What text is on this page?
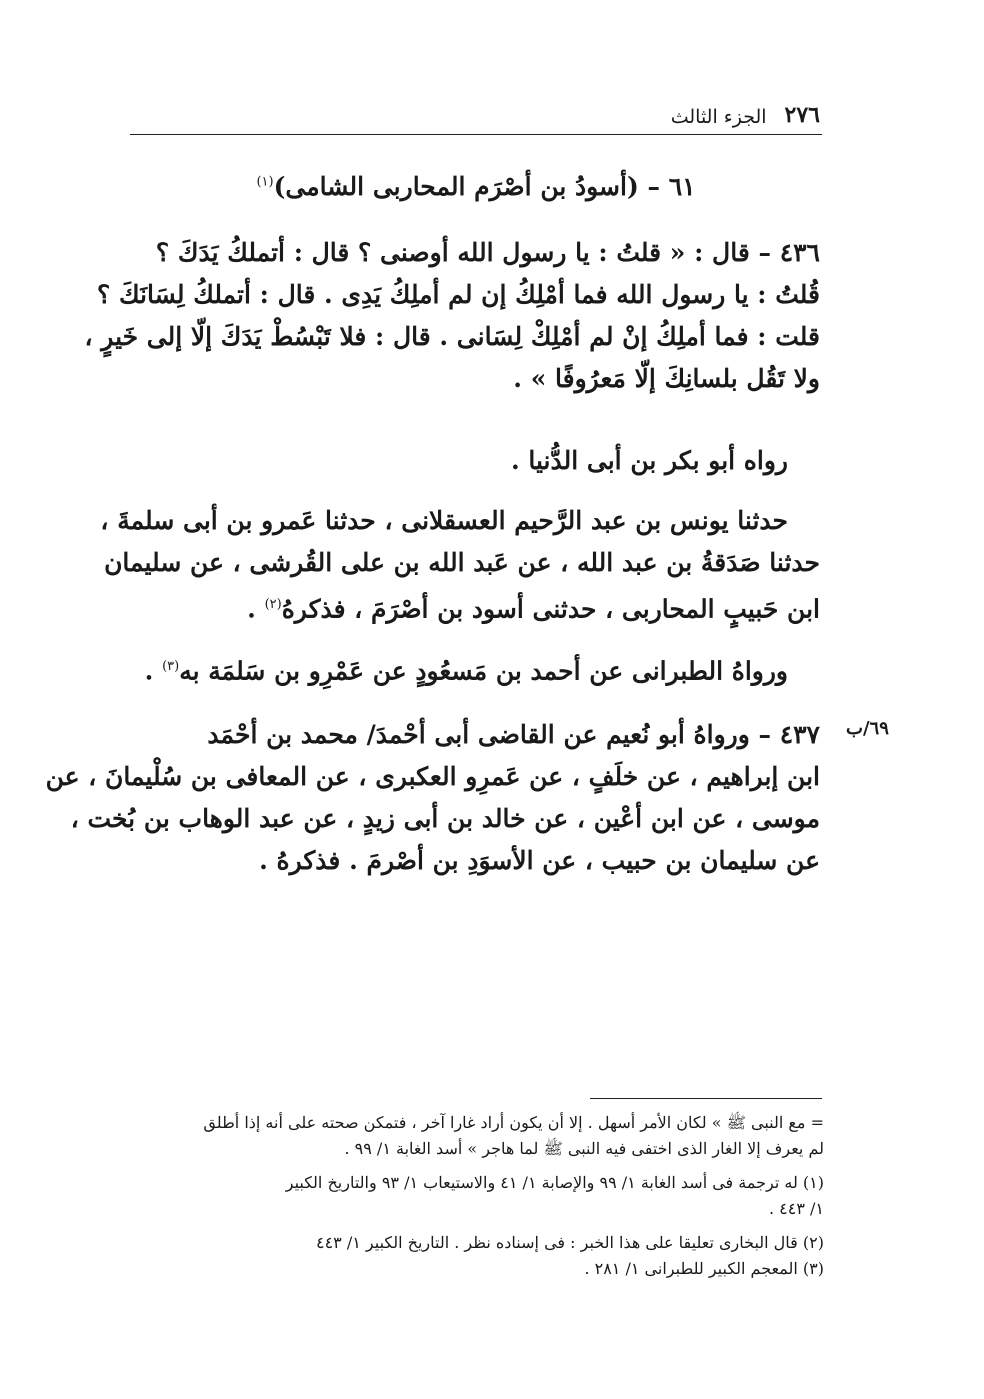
٢٧٦
الجزء الثالث
٦١ – (أسودُ بن أصْرَم المحاربى الشامى)$^{(١)}$
٤٣٦ – قال : « قلتُ : يا رسول الله أوصنى ؟ قال : أتملكُ يَدَكَ ؟
قُلتُ : يا رسول الله فما أمْلِكُ إن لم أملِكُ يَدِى . قال : أتملكُ لِسَانَكَ ؟
قلت : فما أملِكُ إنْ لم أمْلِكْ لِسَانى . قال : فلا تَبْسُطْ يَدَكَ إلّا إلى خَيرٍ ،
ولا تَقُل بلسانِكَ إلّا مَعرُوفًا » .
رواه أبو بكر بن أبى الدُّنيا .
حدثنا يونس بن عبد الرَّحيم العسقلانى ، حدثنا عَمرو بن أبى سلمةَ ،
حدثنا صَدَقةُ بن عبد الله ، عن عَبد الله بن على القُرشى ، عن سليمان
ابن حَبيبٍ المحاربى ، حدثنى أسود بن أصْرَمَ ، فذكرهُ$^{(٢)}$ .
ورواهُ الطبرانى عن أحمد بن مَسعُودٍ عن عَمْرِو بن سَلمَة به$^{(٣)}$ .
٤٣٧ – ورواهُ أبو نُعيم عن القاضى أبى أحْمدَ/ محمد بن أحْمَد
ابن إبراهيم ، عن خلَفٍ ، عن عَمرِو العكبرى ، عن المعافى بن سُلْيمانَ ، عن
موسى ، عن ابن أعْين ، عن خالد بن أبى زيدٍ ، عن عبد الوهاب بن بُخت ،
عن سليمان بن حبيب ، عن الأسوَدِ بن أصْرمَ . فذكرهُ .
٦٩/ب
= مع النبى ﷺ » لكان الأمر أسهل . إلا أن يكون أراد غارا آخر ، فتمكن صحته على أنه إذا أطلق
لم يعرف إلا الغار الذى اختفى فيه النبى ﷺ لما هاجر » أسد الغابة ١/ ٩٩ .
(١) له ترجمة فى أسد الغابة ١/ ٩٩ والإصابة ١/ ٤١ والاستيعاب ١/ ٩٣ والتاريخ الكبير
١/ ٤٤٣ .
(٢) قال البخارى تعليقا على هذا الخبر : فى إسناده نظر . التاريخ الكبير ١/ ٤٤٣
(٣) المعجم الكبير للطبرانى ١/ ٢٨١ .
